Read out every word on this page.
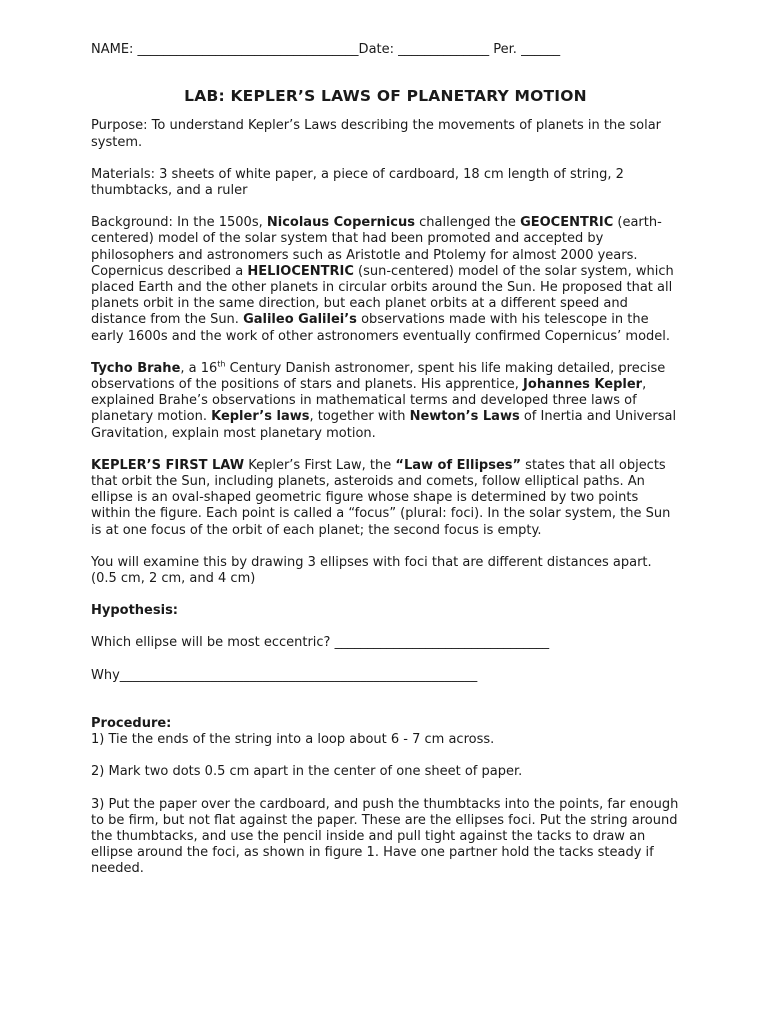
NAME: __________________________________Date: ______________ Per. ______

LAB: KEPLER’S LAWS OF PLANETARY MOTION

Purpose: To understand Kepler’s Laws describing the movements of planets in the solar system.

Materials: 3 sheets of white paper, a piece of cardboard, 18 cm length of string, 2 thumbtacks, and a ruler

Background: In the 1500s, Nicolaus Copernicus challenged the GEOCENTRIC (earth-centered) model of the solar system that had been promoted and accepted by philosophers and astronomers such as Aristotle and Ptolemy for almost 2000 years. Copernicus described a HELIOCENTRIC (sun-centered) model of the solar system, which placed Earth and the other planets in circular orbits around the Sun. He proposed that all planets orbit in the same direction, but each planet orbits at a different speed and distance from the Sun. Galileo Galilei’s observations made with his telescope in the early 1600s and the work of other astronomers eventually confirmed Copernicus’ model.

Tycho Brahe, a 16th Century Danish astronomer, spent his life making detailed, precise observations of the positions of stars and planets. His apprentice, Johannes Kepler, explained Brahe’s observations in mathematical terms and developed three laws of planetary motion. Kepler’s laws, together with Newton’s Laws of Inertia and Universal Gravitation, explain most planetary motion.

KEPLER’S FIRST LAW Kepler’s First Law, the “Law of Ellipses” states that all objects that orbit the Sun, including planets, asteroids and comets, follow elliptical paths. An ellipse is an oval-shaped geometric figure whose shape is determined by two points within the figure. Each point is called a “focus” (plural: foci). In the solar system, the Sun is at one focus of the orbit of each planet; the second focus is empty.

You will examine this by drawing 3 ellipses with foci that are different distances apart. (0.5 cm, 2 cm, and 4 cm)

Hypothesis:

Which ellipse will be most eccentric? _________________________________

Why_______________________________________________________

Procedure:

1) Tie the ends of the string into a loop about 6 - 7 cm across.

2) Mark two dots 0.5 cm apart in the center of one sheet of paper.

3) Put the paper over the cardboard, and push the thumbtacks into the points, far enough to be firm, but not flat against the paper. These are the ellipses foci. Put the string around the thumbtacks, and use the pencil inside and pull tight against the tacks to draw an ellipse around the foci, as shown in figure 1. Have one partner hold the tacks steady if needed.
